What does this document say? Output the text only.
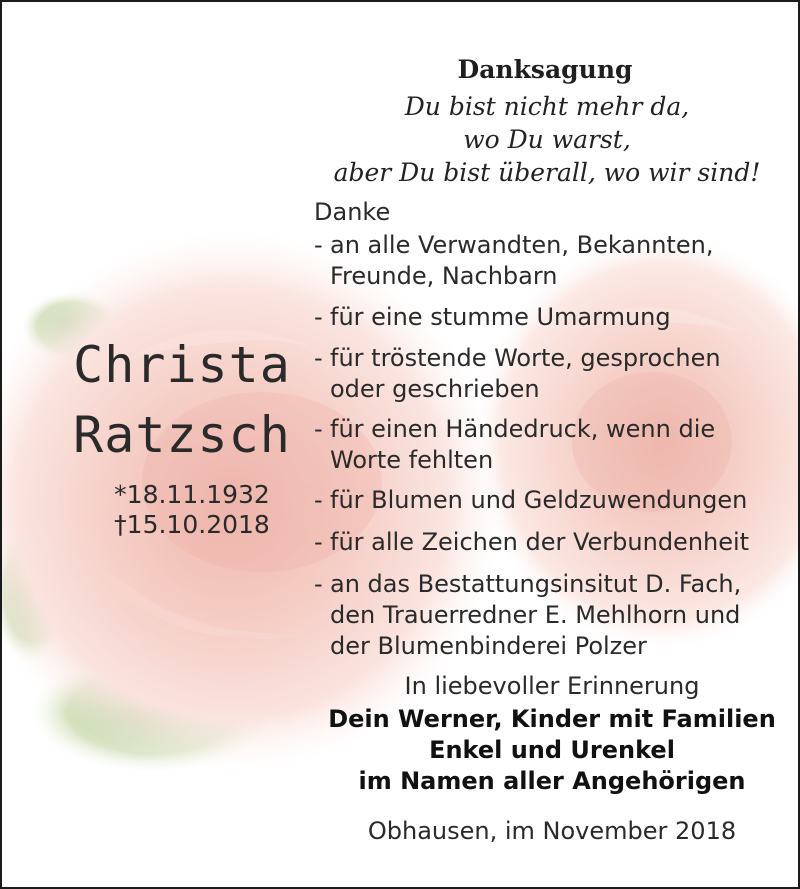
Danksagung
Du bist nicht mehr da,
wo Du warst,
aber Du bist überall, wo wir sind!
Christa
Ratzsch
*18.11.1932
†15.10.2018
Danke
- an alle Verwandten, Bekannten,
Freunde, Nachbarn
- für eine stumme Umarmung
- für tröstende Worte, gesprochen
oder geschrieben
- für einen Händedruck, wenn die
Worte fehlten
- für Blumen und Geldzuwendungen
- für alle Zeichen der Verbundenheit
- an das Bestattungsinsitut D. Fach,
den Trauerredner E. Mehlhorn und
der Blumenbinderei Polzer
In liebevoller Erinnerung
Dein Werner, Kinder mit Familien
Enkel und Urenkel
im Namen aller Angehörigen
Obhausen, im November 2018
